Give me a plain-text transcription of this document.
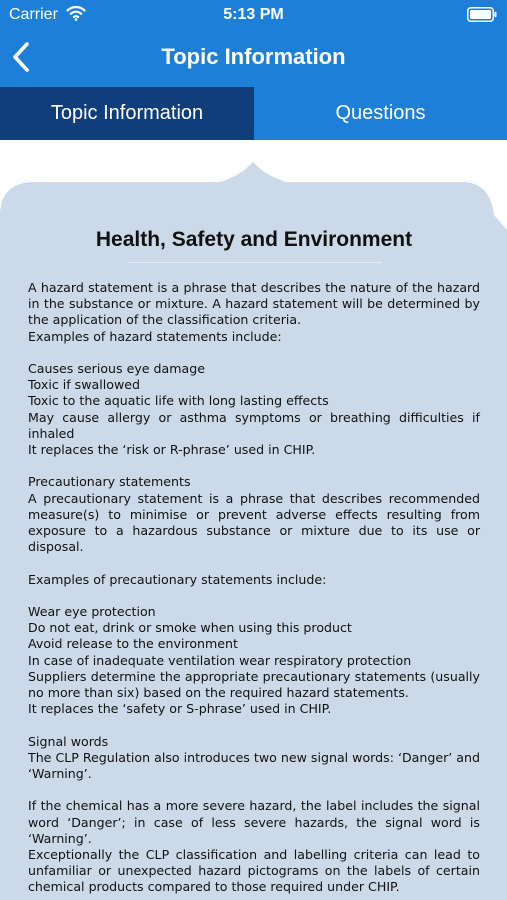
Carrier	5:13 PM
Topic Information
Topic Information	Questions
Health, Safety and Environment
A hazard statement is a phrase that describes the nature of the hazard in the substance or mixture. A hazard statement will be determined by the application of the classification criteria.
Examples of hazard statements include:
Causes serious eye damage
Toxic if swallowed
Toxic to the aquatic life with long lasting effects
May cause allergy or asthma symptoms or breathing difficulties if inhaled
It replaces the ‘risk or R-phrase’ used in CHIP.
Precautionary statements
A precautionary statement is a phrase that describes recommended measure(s) to minimise or prevent adverse effects resulting from exposure to a hazardous substance or mixture due to its use or disposal.
Examples of precautionary statements include:
Wear eye protection
Do not eat, drink or smoke when using this product
Avoid release to the environment
In case of inadequate ventilation wear respiratory protection
Suppliers determine the appropriate precautionary statements (usually no more than six) based on the required hazard statements.
It replaces the ‘safety or S-phrase’ used in CHIP.
Signal words
The CLP Regulation also introduces two new signal words: ‘Danger’ and ‘Warning’.
If the chemical has a more severe hazard, the label includes the signal word ‘Danger’; in case of less severe hazards, the signal word is ‘Warning’.
Exceptionally the CLP classification and labelling criteria can lead to unfamiliar or unexpected hazard pictograms on the labels of certain chemical products compared to those required under CHIP.
